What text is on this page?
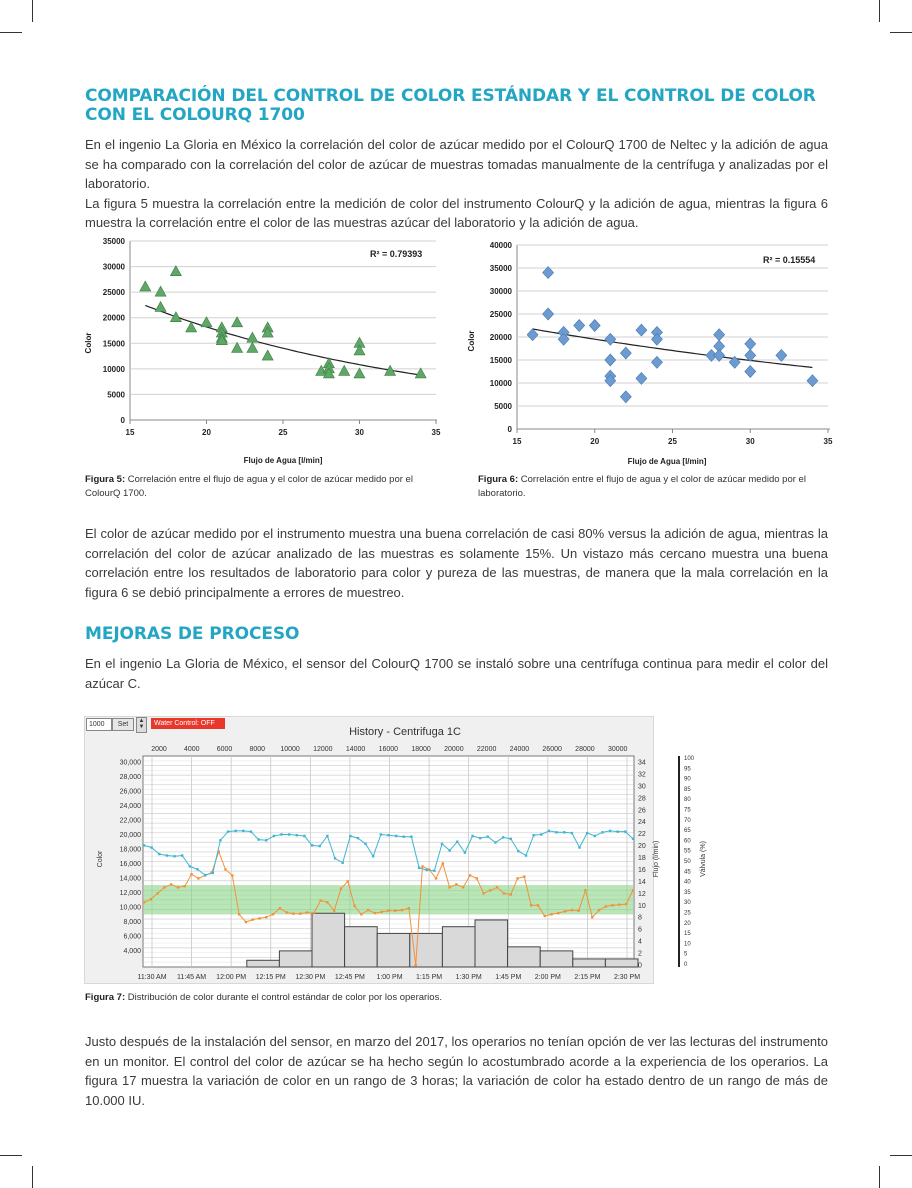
COMPARACIÓN DEL CONTROL DE COLOR ESTÁNDAR Y EL CONTROL DE COLOR CON EL COLOURQ 1700

En el ingenio La Gloria en México la correlación del color de azúcar medido por el ColourQ 1700 de Neltec y la adición de agua se ha comparado con la correlación del color de azúcar de muestras tomadas manualmente de la centrífuga y analizadas por el laboratorio.

La figura 5 muestra la correlación entre la medición de color del instrumento ColourQ y la adición de agua, mientras la figura 6 muestra la correlación entre el color de las muestras azúcar del laboratorio y la adición de agua.

0
5000
10000
15000
20000
25000
30000
35000
15	20	25	30	35
R² = 0.79393
Flujo de Agua [l/min]
Color
0
5000
10000
15000
20000
25000
30000
35000
40000
15	20	25	30	35
R² = 0.15554
Flujo de Agua [l/min]
Color
Figura 5: Correlación entre el flujo de agua y el color de azúcar medido por el ColourQ 1700.
Figura 6: Correlación entre el flujo de agua y el color de azúcar medido por el laboratorio.

El color de azúcar medido por el instrumento muestra una buena correlación de casi 80% versus la adición de agua, mientras la correlación del color de azúcar analizado de las muestras es solamente 15%. Un vistazo más cercano muestra una buena correlación entre los resultados de laboratorio para color y pureza de las muestras, de manera que la mala correlación en la figura 6 se debió principalmente a errores de muestreo.

MEJORAS DE PROCESO

En el ingenio La Gloria de México, el sensor del ColourQ 1700 se instaló sobre una centrífuga continua para medir el color del azúcar C.

1000	Set	▲
▼	Water Control: OFF
History - Centrifuga 1C
4,000
6,000
8,000
10,000
12,000
14,000
16,000
18,000
20,000
22,000
24,000
26,000
28,000
30,000
0
2
4
6
8
10
12
14
16
18
20
22
24
26
28
30
32
34
0
5
10
15
20
25
30
35
40
45
50
55
60
65
70
75
80
85
90
95
100
2000 4000 6000 8000 10000 12000 14000 16000 18000 20000 22000 24000 26000 28000 30000
11:30 AM 11:45 AM 12:00 PM 12:15 PM 12:30 PM 12:45 PM 1:00 PM 1:15 PM 1:30 PM 1:45 PM 2:00 PM 2:15 PM 2:30 PM
Color	Flujo (l/min)	Válvula (%)
Figura 7: Distribución de color durante el control estándar de color por los operarios.

Justo después de la instalación del sensor, en marzo del 2017, los operarios no tenían opción de ver las lecturas del instrumento en un monitor. El control del color de azúcar se ha hecho según lo acostumbrado acorde a la experiencia de los operarios. La figura 17 muestra la variación de color en un rango de 3 horas; la variación de color ha estado dentro de un rango de más de 10.000 IU.
